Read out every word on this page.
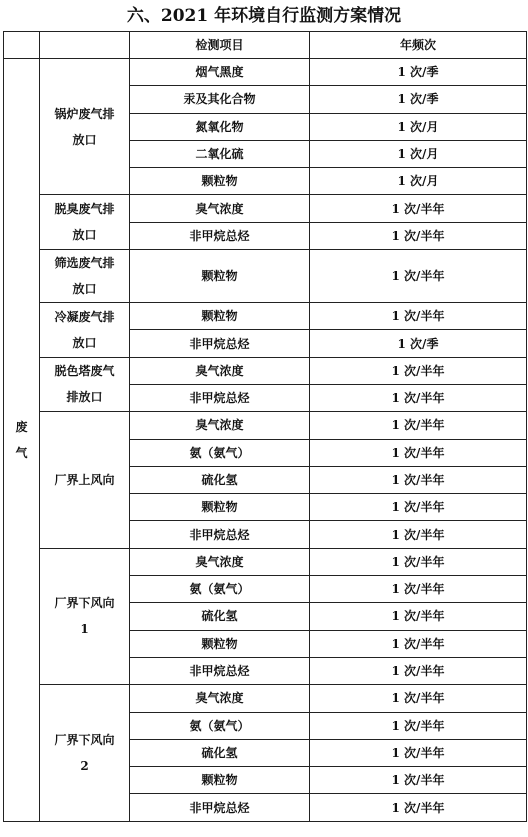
六、2021 年环境自行监测方案情况
		检测项目	年频次
废气	锅炉废气排放口	烟气黑度	1 次/季
		汞及其化合物	1 次/季
		氮氧化物	1 次/月
		二氧化硫	1 次/月
		颗粒物	1 次/月
	脱臭废气排放口	臭气浓度	1 次/半年
		非甲烷总烃	1 次/半年
	筛选废气排放口	颗粒物	1 次/半年
	冷凝废气排放口	颗粒物	1 次/半年
		非甲烷总烃	1 次/季
	脱色塔废气排放口	臭气浓度	1 次/半年
		非甲烷总烃	1 次/半年
	厂界上风向	臭气浓度	1 次/半年
		氨（氨气）	1 次/半年
		硫化氢	1 次/半年
		颗粒物	1 次/半年
		非甲烷总烃	1 次/半年
	厂界下风向 1	臭气浓度	1 次/半年
		氨（氨气）	1 次/半年
		硫化氢	1 次/半年
		颗粒物	1 次/半年
		非甲烷总烃	1 次/半年
	厂界下风向 2	臭气浓度	1 次/半年
		氨（氨气）	1 次/半年
		硫化氢	1 次/半年
		颗粒物	1 次/半年
		非甲烷总烃	1 次/半年
